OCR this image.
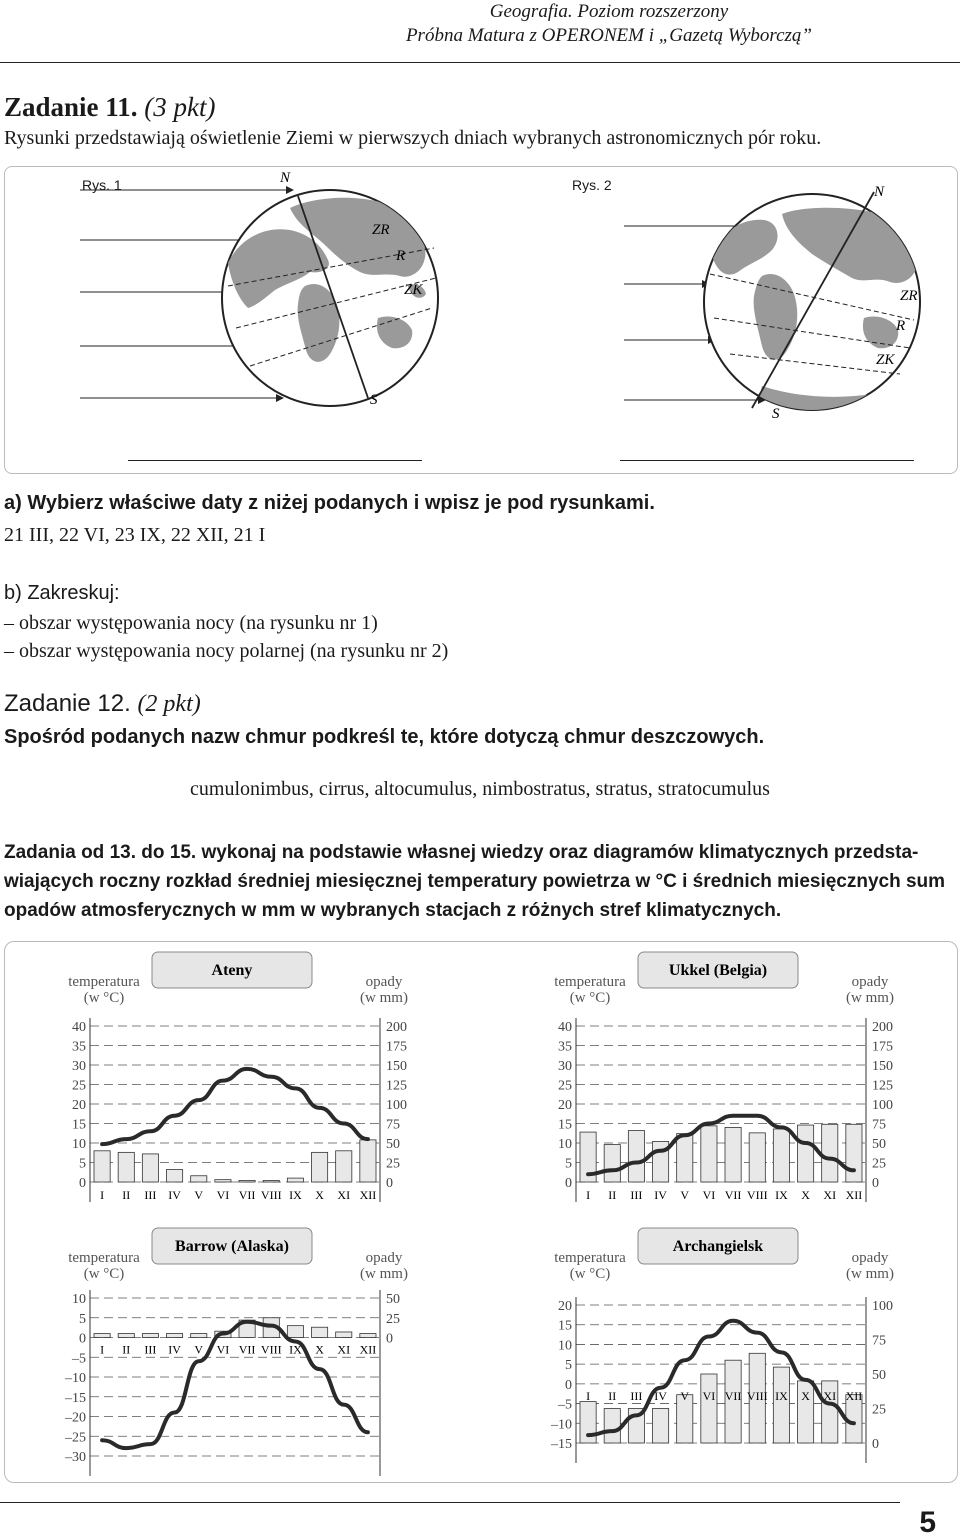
Geografia. Poziom rozszerzony
Próbna Matura z OPERONEM i „Gazetą Wyborczą”
Zadanie 11. (3 pkt)
Rysunki przedstawiają oświetlenie Ziemi w pierwszych dniach wybranych astronomicznych pór roku.
Rys. 1	Rys. 2
N
S
ZR
R
ZK
N
S
ZR
R
ZK
a) Wybierz właściwe daty z niżej podanych i wpisz je pod rysunkami.
21 III, 22 VI, 23 IX, 22 XII, 21 I
b) Zakreskuj:
– obszar występowania nocy (na rysunku nr 1)
– obszar występowania nocy polarnej (na rysunku nr 2)
Zadanie 12. (2 pkt)
Spośród podanych nazw chmur podkreśl te, które dotyczą chmur deszczowych.
cumulonimbus, cirrus, altocumulus, nimbostratus, stratus, stratocumulus
Zadania od 13. do 15. wykonaj na podstawie własnej wiedzy oraz diagramów klimatycznych przedsta-
wiających roczny rozkład średniej miesięcznej temperatury powietrza w °C i średnich miesięcznych sum
opadów atmosferycznych w mm w wybranych stacjach z różnych stref klimatycznych.
Ateny
temperatura
(w °C)
opady
(w mm)
0
5
10
15
20
25
30
35
40
0
25
50
75
100
125
150
175
200
I II III IV V VI VII VIII IX X XI XII
Ukkel (Belgia)
temperatura
(w °C)
opady
(w mm)
0
5
10
15
20
25
30
35
40
0
25
50
75
100
125
150
175
200
I II III IV V VI VII VIII IX X XI XII
Barrow (Alaska)
temperatura
(w °C)
opady
(w mm)
–30
–25
–20
–15
–10
–5
0
5
10
0
25
50
I II III IV V VI VII VIII IX X XI XII
Archangielsk
temperatura
(w °C)
opady
(w mm)
–15
–10
–5
0
5
10
15
20
0
25
50
75
100
I II III IV V VI VII VIII IX X XI XII
5
